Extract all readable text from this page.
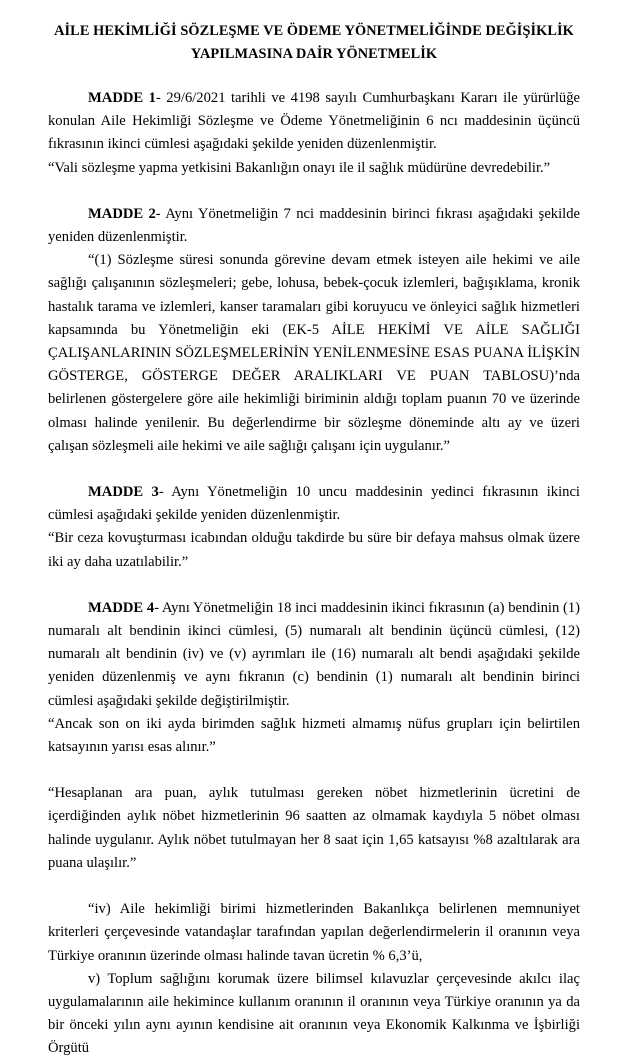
AİLE HEKİMLİĞİ SÖZLEŞME VE ÖDEME YÖNETMELİĞİNDE DEĞİŞİKLİK
YAPILMASINA DAİR YÖNETMELİK

MADDE 1- 29/6/2021 tarihli ve 4198 sayılı Cumhurbaşkanı Kararı ile yürürlüğe konulan Aile Hekimliği Sözleşme ve Ödeme Yönetmeliğinin 6 ncı maddesinin üçüncü fıkrasının ikinci cümlesi aşağıdaki şekilde yeniden düzenlenmiştir.

“Vali sözleşme yapma yetkisini Bakanlığın onayı ile il sağlık müdürüne devredebilir.”

MADDE 2- Aynı Yönetmeliğin 7 nci maddesinin birinci fıkrası aşağıdaki şekilde yeniden düzenlenmiştir.

“(1) Sözleşme süresi sonunda görevine devam etmek isteyen aile hekimi ve aile sağlığı çalışanının sözleşmeleri; gebe, lohusa, bebek-çocuk izlemleri, bağışıklama, kronik hastalık tarama ve izlemleri, kanser taramaları gibi koruyucu ve önleyici sağlık hizmetleri kapsamında bu Yönetmeliğin eki (EK-5 AİLE HEKİMİ VE AİLE SAĞLIĞI ÇALIŞANLARININ SÖZLEŞMELERİNİN YENİLENMESİNE ESAS PUANA İLİŞKİN GÖSTERGE, GÖSTERGE DEĞER ARALIKLARI VE PUAN TABLOSU)’nda belirlenen göstergelere göre aile hekimliği biriminin aldığı toplam puanın 70 ve üzerinde olması halinde yenilenir. Bu değerlendirme bir sözleşme döneminde altı ay ve üzeri çalışan sözleşmeli aile hekimi ve aile sağlığı çalışanı için uygulanır.”

MADDE 3- Aynı Yönetmeliğin 10 uncu maddesinin yedinci fıkrasının ikinci cümlesi aşağıdaki şekilde yeniden düzenlenmiştir.

“Bir ceza kovuşturması icabından olduğu takdirde bu süre bir defaya mahsus olmak üzere iki ay daha uzatılabilir.”

MADDE 4- Aynı Yönetmeliğin 18 inci maddesinin ikinci fıkrasının (a) bendinin (1) numaralı alt bendinin ikinci cümlesi, (5) numaralı alt bendinin üçüncü cümlesi, (12) numaralı alt bendinin (iv) ve (v) ayrımları ile (16) numaralı alt bendi aşağıdaki şekilde yeniden düzenlenmiş ve aynı fıkranın (c) bendinin (1) numaralı alt bendinin birinci cümlesi aşağıdaki şekilde değiştirilmiştir.

“Ancak son on iki ayda birimden sağlık hizmeti almamış nüfus grupları için belirtilen katsayının yarısı esas alınır.”

“Hesaplanan ara puan, aylık tutulması gereken nöbet hizmetlerinin ücretini de içerdiğinden aylık nöbet hizmetlerinin 96 saatten az olmamak kaydıyla 5 nöbet olması halinde uygulanır. Aylık nöbet tutulmayan her 8 saat için 1,65 katsayısı %8 azaltılarak ara puana ulaşılır.”

“iv) Aile hekimliği birimi hizmetlerinden Bakanlıkça belirlenen memnuniyet kriterleri çerçevesinde vatandaşlar tarafından yapılan değerlendirmelerin il oranının veya Türkiye oranının üzerinde olması halinde tavan ücretin % 6,3’ü,

v) Toplum sağlığını korumak üzere bilimsel kılavuzlar çerçevesinde akılcı ilaç uygulamalarının aile hekimince kullanım oranının il oranının veya Türkiye oranının ya da bir önceki yılın aynı ayının kendisine ait oranının veya Ekonomik Kalkınma ve İşbirliği Örgütü
